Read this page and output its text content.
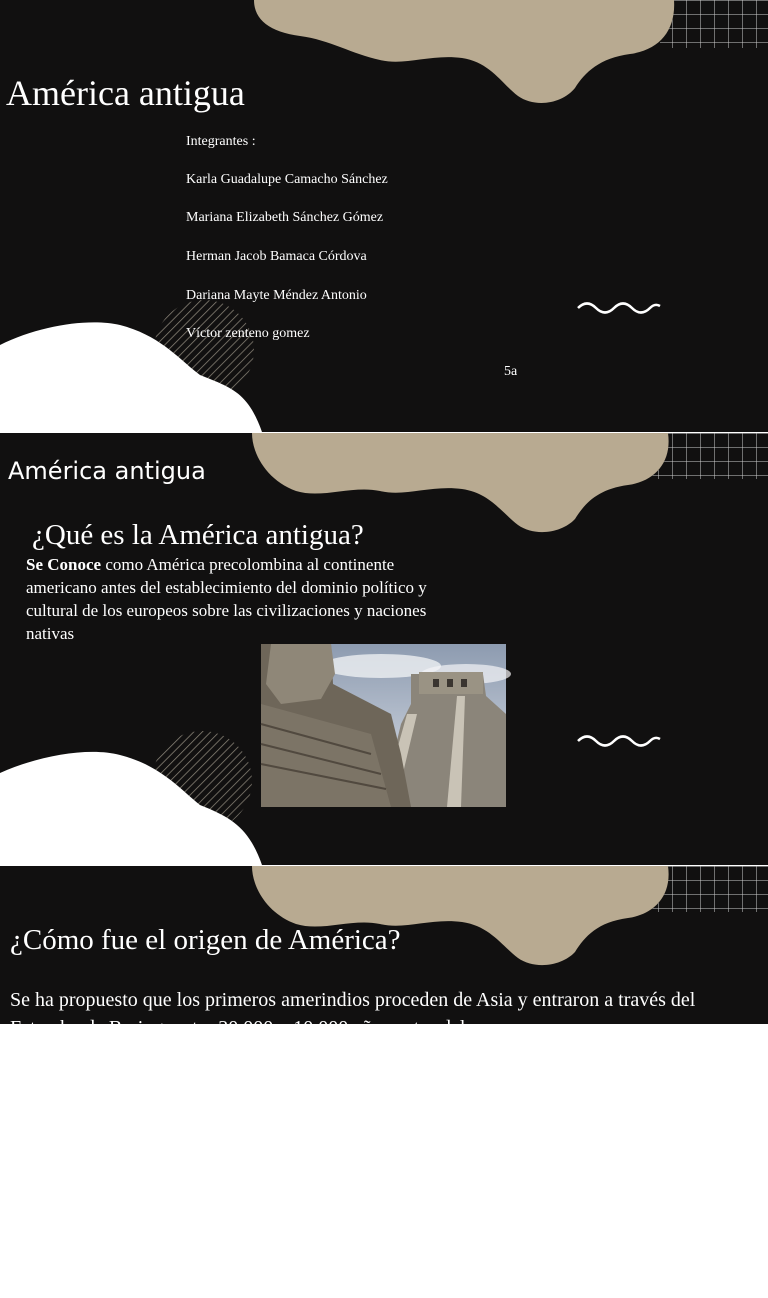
América antigua
Integrantes :
Karla Guadalupe Camacho Sánchez
Mariana Elizabeth Sánchez Gómez
Herman Jacob Bamaca Córdova
Dariana Mayte Méndez Antonio
Víctor zenteno gomez
5a
América antigua
¿Qué es la América antigua?
Se Conoce como América precolombina al continente americano antes del establecimiento del dominio político y cultural de los europeos sobre las civilizaciones y naciones nativas
¿Cómo fue el origen de América?
Se ha propuesto que los primeros amerindios proceden de Asia y entraron a través del Estrecho de Bering, entre 30 000 y 10 000 años antes del
